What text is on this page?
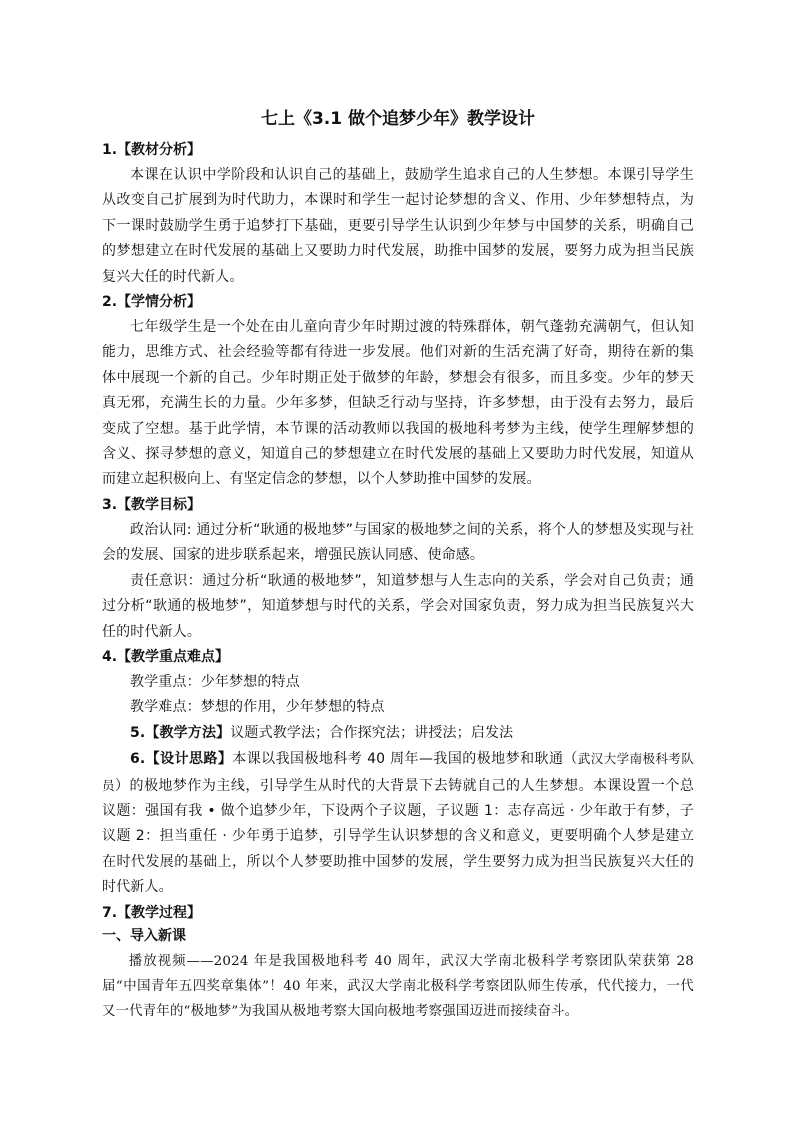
七上《3.1 做个追梦少年》教学设计
1.【教材分析】

本课在认识中学阶段和认识自己的基础上，鼓励学生追求自己的人生梦想。本课引导学生从改变自己扩展到为时代助力，本课时和学生一起讨论梦想的含义、作用、少年梦想特点，为下一课时鼓励学生勇于追梦打下基础，更要引导学生认识到少年梦与中国梦的关系，明确自己的梦想建立在时代发展的基础上又要助力时代发展，助推中国梦的发展，要努力成为担当民族复兴大任的时代新人。

2.【学情分析】

七年级学生是一个处在由儿童向青少年时期过渡的特殊群体，朝气蓬勃充满朝气，但认知能力，思维方式、社会经验等都有待进一步发展。他们对新的生活充满了好奇，期待在新的集体中展现一个新的自己。少年时期正处于做梦的年龄，梦想会有很多，而且多变。少年的梦天真无邪，充满生长的力量。少年多梦，但缺乏行动与坚持，许多梦想，由于没有去努力，最后变成了空想。基于此学情，本节课的活动教师以我国的极地科考梦为主线，使学生理解梦想的含义、探寻梦想的意义，知道自己的梦想建立在时代发展的基础上又要助力时代发展，知道从而建立起积极向上、有坚定信念的梦想，以个人梦助推中国梦的发展。

3.【教学目标】

政治认同: 通过分析“耿通的极地梦”与国家的极地梦之间的关系，将个人的梦想及实现与社会的发展、国家的进步联系起来，增强民族认同感、使命感。

责任意识：通过分析“耿通的极地梦”，知道梦想与人生志向的关系，学会对自己负责；通过分析“耿通的极地梦”，知道梦想与时代的关系，学会对国家负责，努力成为担当民族复兴大任的时代新人。

4.【教学重点难点】

教学重点：少年梦想的特点

教学难点：梦想的作用，少年梦想的特点

5.【教学方法】议题式教学法；合作探究法；讲授法；启发法

6.【设计思路】本课以我国极地科考 40 周年—我国的极地梦和耿通（武汉大学南极科考队员）的极地梦作为主线，引导学生从时代的大背景下去铸就自己的人生梦想。本课设置一个总议题：强国有我 • 做个追梦少年，下设两个子议题，子议题 1：志存高远 · 少年敢于有梦，子议题 2：担当重任 · 少年勇于追梦，引导学生认识梦想的含义和意义，更要明确个人梦是建立在时代发展的基础上，所以个人梦要助推中国梦的发展，学生要努力成为担当民族复兴大任的时代新人。

7.【教学过程】
一、导入新课

播放视频——2024 年是我国极地科考 40 周年，武汉大学南北极科学考察团队荣获第 28 届“中国青年五四奖章集体”！40 年来，武汉大学南北极科学考察团队师生传承，代代接力，一代又一代青年的“极地梦”为我国从极地考察大国向极地考察强国迈进而接续奋斗。
